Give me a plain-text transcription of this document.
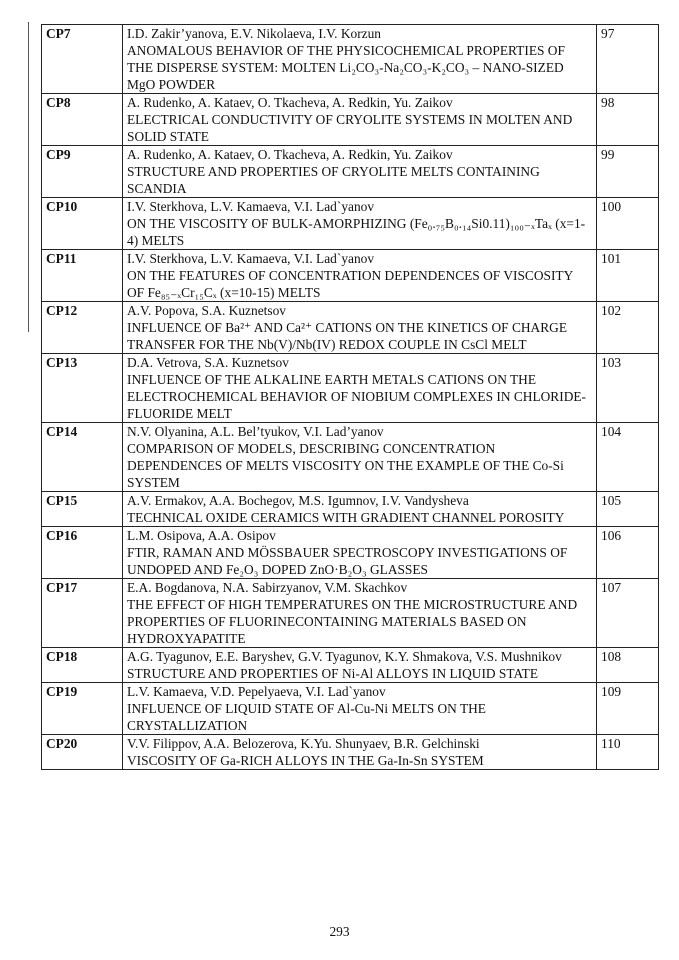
CP7	I.D. Zakir’yanova, E.V. Nikolaeva, I.V. Korzun
ANOMALOUS BEHAVIOR OF THE PHYSICOCHEMICAL PROPERTIES OF THE DISPERSE SYSTEM: MOLTEN Li₂CO₃-Na₂CO₃-K₂CO₃ – NANO-SIZED MgO POWDER	97
CP8	A. Rudenko, A. Kataev, O. Tkacheva, A. Redkin, Yu. Zaikov
ELECTRICAL CONDUCTIVITY OF CRYOLITE SYSTEMS IN MOLTEN AND SOLID STATE	98
CP9	A. Rudenko, A. Kataev, O. Tkacheva, A. Redkin, Yu. Zaikov
STRUCTURE AND PROPERTIES OF CRYOLITE MELTS CONTAINING SCANDIA	99
CP10	I.V. Sterkhova, L.V. Kamaeva, V.I. Lad`yanov
ON THE VISCOSITY OF BULK-AMORPHIZING (Fe₀.₇₅B₀.₁₄Si0.11)₁₀₀₋ₓTaₓ (x=1-4) MELTS	100
CP11	I.V. Sterkhova, L.V. Kamaeva, V.I. Lad`yanov
ON THE FEATURES OF CONCENTRATION DEPENDENCES OF VISCOSITY OF Fe₈₅₋ₓCr₁₅Cₓ (x=10-15) MELTS	101
CP12	A.V. Popova, S.A. Kuznetsov
INFLUENCE OF Ba²⁺ AND Ca²⁺ CATIONS ON THE KINETICS OF CHARGE TRANSFER FOR THE Nb(V)/Nb(IV) REDOX COUPLE IN CsCl MELT	102
CP13	D.A. Vetrova, S.A. Kuznetsov
INFLUENCE OF THE ALKALINE EARTH METALS CATIONS ON THE ELECTROCHEMICAL BEHAVIOR OF NIOBIUM COMPLEXES IN CHLORIDE-FLUORIDE MELT	103
CP14	N.V. Olyanina, A.L. Bel’tyukov, V.I. Lad’yanov
COMPARISON OF MODELS, DESCRIBING CONCENTRATION DEPENDENCES OF MELTS VISCOSITY ON THE EXAMPLE OF THE Co-Si SYSTEM	104
CP15	A.V. Ermakov, A.A. Bochegov, M.S. Igumnov, I.V. Vandysheva
TECHNICAL OXIDE CERAMICS WITH GRADIENT CHANNEL POROSITY	105
CP16	L.M. Osipova, A.A. Osipov
FTIR, RAMAN AND MÖSSBAUER SPECTROSCOPY INVESTIGATIONS OF UNDOPED AND Fe₂O₃ DOPED ZnO·B₂O₃ GLASSES	106
CP17	E.A. Bogdanova, N.A. Sabirzyanov, V.M. Skachkov
THE EFFECT OF HIGH TEMPERATURES ON THE MICROSTRUCTURE AND PROPERTIES OF FLUORINECONTAINING MATERIALS BASED ON HYDROXYAPATITE	107
CP18	A.G. Tyagunov, E.E. Baryshev, G.V. Tyagunov, K.Y. Shmakova, V.S. Mushnikov
STRUCTURE AND PROPERTIES OF Ni-Al ALLOYS IN LIQUID STATE	108
CP19	L.V. Kamaeva, V.D. Pepelyaeva, V.I. Lad`yanov
INFLUENCE OF LIQUID STATE OF Al-Cu-Ni MELTS ON THE CRYSTALLIZATION	109
CP20	V.V. Filippov, A.A. Belozerova, K.Yu. Shunyaev, B.R. Gelchinski
VISCOSITY OF Ga-RICH ALLOYS IN THE Ga-In-Sn SYSTEM	110
293
